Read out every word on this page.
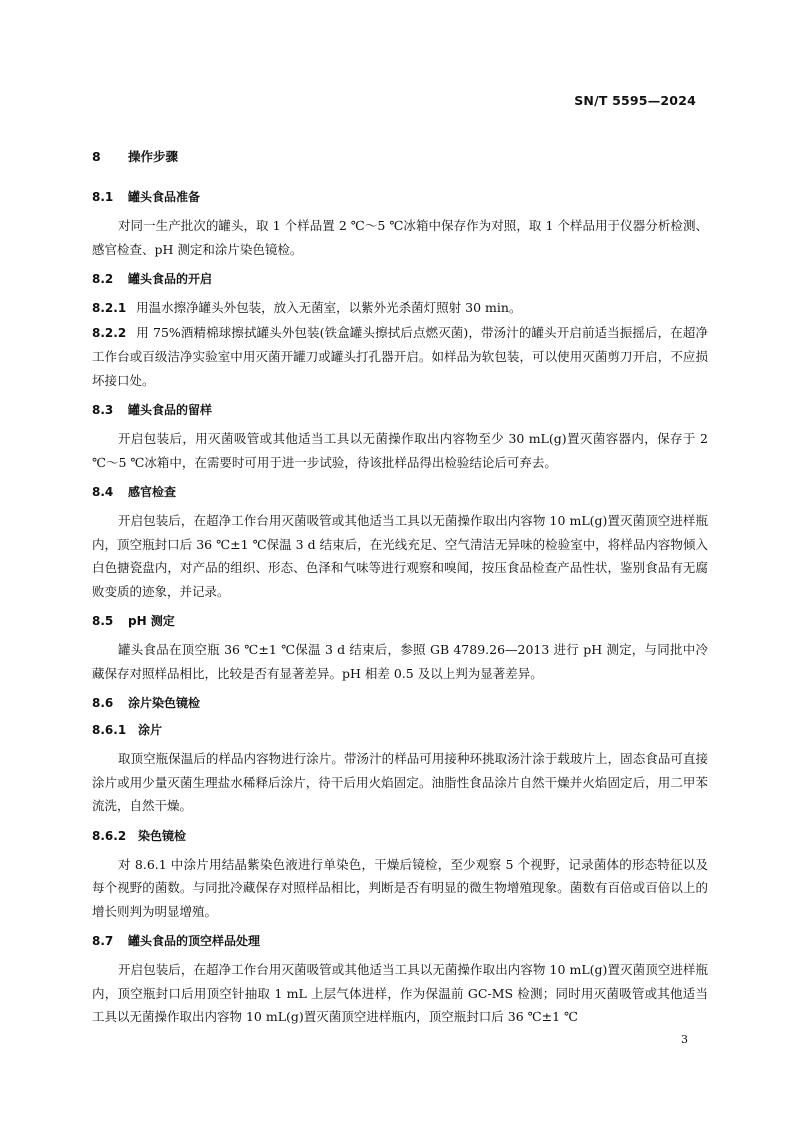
SN/T 5595—2024
8 操作步骤
8.1 罐头食品准备

对同一生产批次的罐头，取 1 个样品置 2 ℃～5 ℃冰箱中保存作为对照，取 1 个样品用于仪器分析检测、感官检查、pH 测定和涂片染色镜检。

8.2 罐头食品的开启

8.2.1 用温水擦净罐头外包装，放入无菌室，以紫外光杀菌灯照射 30 min。

8.2.2 用 75%酒精棉球擦拭罐头外包装(铁盒罐头擦拭后点燃灭菌)，带汤汁的罐头开启前适当振摇后，在超净工作台或百级洁净实验室中用灭菌开罐刀或罐头打孔器开启。如样品为软包装，可以使用灭菌剪刀开启，不应损坏接口处。

8.3 罐头食品的留样

开启包装后，用灭菌吸管或其他适当工具以无菌操作取出内容物至少 30 mL(g)置灭菌容器内，保存于 2 ℃～5 ℃冰箱中，在需要时可用于进一步试验，待该批样品得出检验结论后可弃去。

8.4 感官检查

开启包装后，在超净工作台用灭菌吸管或其他适当工具以无菌操作取出内容物 10 mL(g)置灭菌顶空进样瓶内，顶空瓶封口后 36 ℃±1 ℃保温 3 d 结束后，在光线充足、空气清洁无异味的检验室中，将样品内容物倾入白色搪瓷盘内，对产品的组织、形态、色泽和气味等进行观察和嗅闻，按压食品检查产品性状，鉴别食品有无腐败变质的迹象，并记录。

8.5 pH 测定

罐头食品在顶空瓶 36 ℃±1 ℃保温 3 d 结束后，参照 GB 4789.26—2013 进行 pH 测定，与同批中冷藏保存对照样品相比，比较是否有显著差异。pH 相差 0.5 及以上判为显著差异。

8.6 涂片染色镜检
8.6.1 涂片

取顶空瓶保温后的样品内容物进行涂片。带汤汁的样品可用接种环挑取汤汁涂于载玻片上，固态食品可直接涂片或用少量灭菌生理盐水稀释后涂片，待干后用火焰固定。油脂性食品涂片自然干燥并火焰固定后，用二甲苯流洗，自然干燥。

8.6.2 染色镜检

对 8.6.1 中涂片用结晶紫染色液进行单染色，干燥后镜检，至少观察 5 个视野，记录菌体的形态特征以及每个视野的菌数。与同批冷藏保存对照样品相比，判断是否有明显的微生物增殖现象。菌数有百倍或百倍以上的增长则判为明显增殖。

8.7 罐头食品的顶空样品处理

开启包装后，在超净工作台用灭菌吸管或其他适当工具以无菌操作取出内容物 10 mL(g)置灭菌顶空进样瓶内，顶空瓶封口后用顶空针抽取 1 mL 上层气体进样，作为保温前 GC-MS 检测；同时用灭菌吸管或其他适当工具以无菌操作取出内容物 10 mL(g)置灭菌顶空进样瓶内，顶空瓶封口后 36 ℃±1 ℃

3
